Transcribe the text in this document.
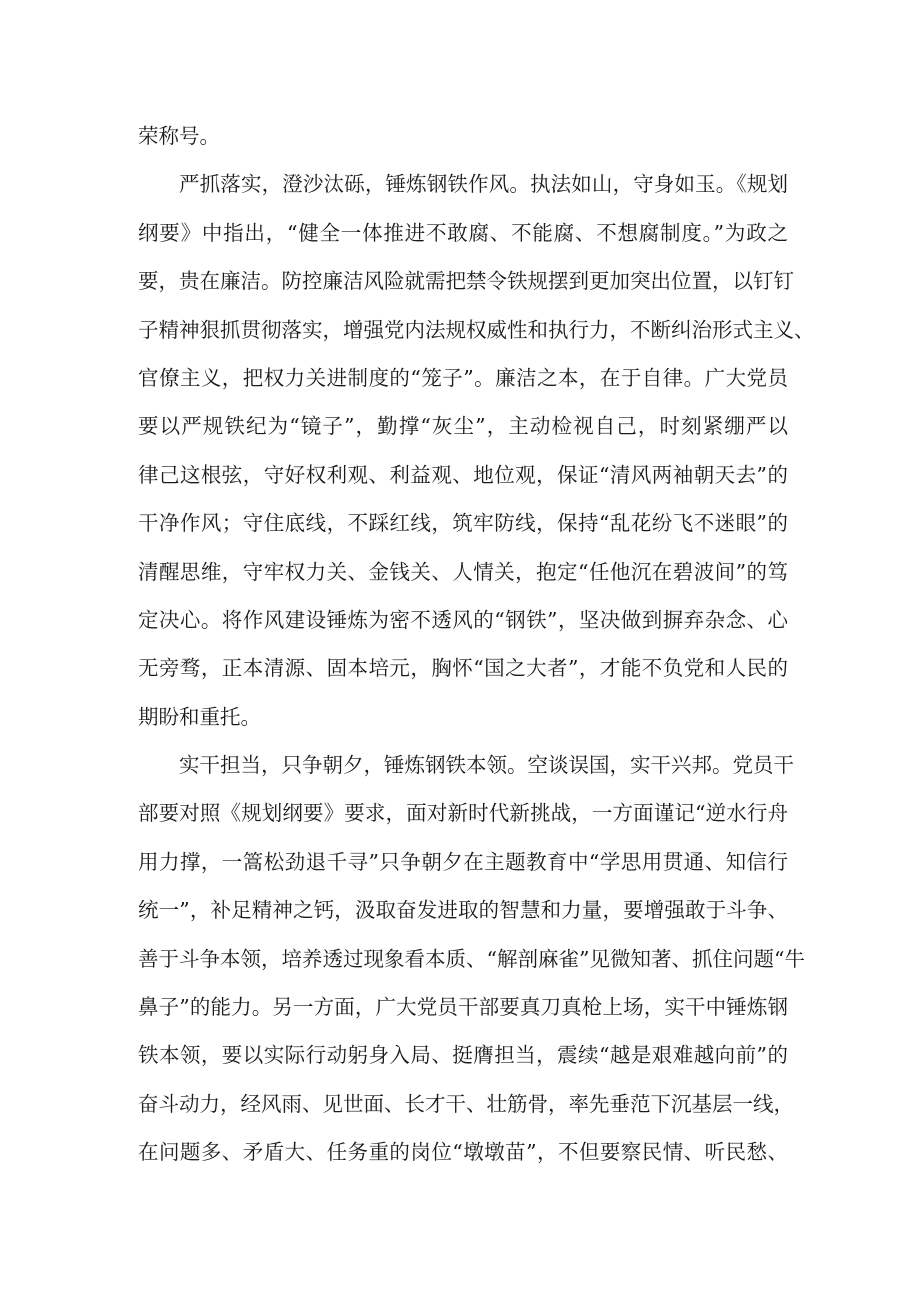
荣称号。
严抓落实，澄沙汰砾，锤炼钢铁作风。执法如山，守身如玉。《规划
纲要》中指出，“健全一体推进不敢腐、不能腐、不想腐制度。”为政之
要，贵在廉洁。防控廉洁风险就需把禁令铁规摆到更加突出位置，以钉钉
子精神狠抓贯彻落实，增强党内法规权威性和执行力，不断纠治形式主义、
官僚主义，把权力关进制度的“笼子”。廉洁之本，在于自律。广大党员
要以严规铁纪为“镜子”，勤撑“灰尘”，主动检视自己，时刻紧绷严以
律己这根弦，守好权利观、利益观、地位观，保证“清风两袖朝天去”的
干净作风；守住底线，不踩红线，筑牢防线，保持“乱花纷飞不迷眼”的
清醒思维，守牢权力关、金钱关、人情关，抱定“任他沉在碧波间”的笃
定决心。将作风建设锤炼为密不透风的“钢铁”，坚决做到摒弃杂念、心
无旁骛，正本清源、固本培元，胸怀“国之大者”，才能不负党和人民的
期盼和重托。
实干担当，只争朝夕，锤炼钢铁本领。空谈误国，实干兴邦。党员干
部要对照《规划纲要》要求，面对新时代新挑战，一方面谨记“逆水行舟
用力撑，一篙松劲退千寻”只争朝夕在主题教育中“学思用贯通、知信行
统一”，补足精神之钙，汲取奋发进取的智慧和力量，要增强敢于斗争、
善于斗争本领，培养透过现象看本质、“解剖麻雀”见微知著、抓住问题“牛
鼻子”的能力。另一方面，广大党员干部要真刀真枪上场，实干中锤炼钢
铁本领，要以实际行动躬身入局、挺膺担当，震续“越是艰难越向前”的
奋斗动力，经风雨、见世面、长才干、壮筋骨，率先垂范下沉基层一线，
在问题多、矛盾大、任务重的岗位“墩墩苗”，不但要察民情、听民愁、
